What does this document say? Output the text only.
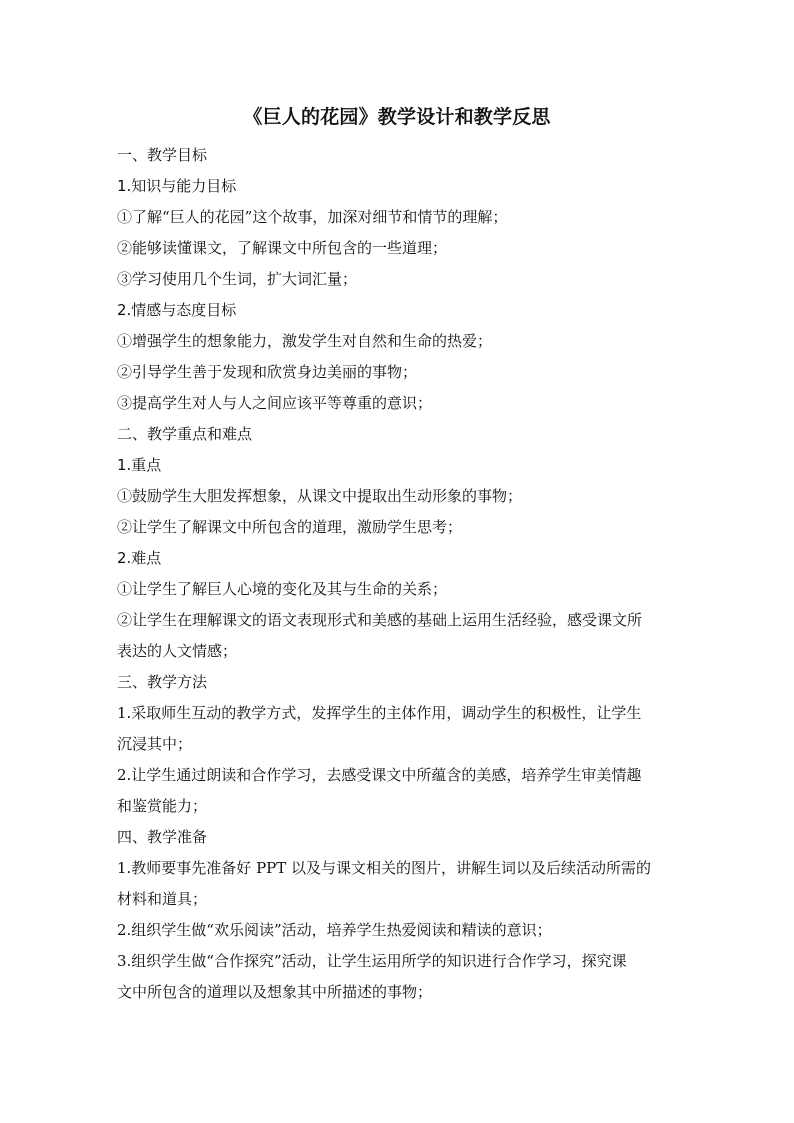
《巨人的花园》教学设计和教学反思
一、教学目标
1.知识与能力目标
①了解“巨人的花园”这个故事，加深对细节和情节的理解；
②能够读懂课文，了解课文中所包含的一些道理；
③学习使用几个生词，扩大词汇量；
2.情感与态度目标
①增强学生的想象能力，激发学生对自然和生命的热爱；
②引导学生善于发现和欣赏身边美丽的事物；
③提高学生对人与人之间应该平等尊重的意识；
二、教学重点和难点
1.重点
①鼓励学生大胆发挥想象，从课文中提取出生动形象的事物；
②让学生了解课文中所包含的道理，激励学生思考；
2.难点
①让学生了解巨人心境的变化及其与生命的关系；
②让学生在理解课文的语文表现形式和美感的基础上运用生活经验，感受课文所
表达的人文情感；
三、教学方法
1.采取师生互动的教学方式，发挥学生的主体作用，调动学生的积极性，让学生
沉浸其中；
2.让学生通过朗读和合作学习，去感受课文中所蕴含的美感，培养学生审美情趣
和鉴赏能力；
四、教学准备
1.教师要事先准备好 PPT 以及与课文相关的图片，讲解生词以及后续活动所需的
材料和道具；
2.组织学生做“欢乐阅读”活动，培养学生热爱阅读和精读的意识；
3.组织学生做“合作探究”活动，让学生运用所学的知识进行合作学习，探究课
文中所包含的道理以及想象其中所描述的事物；
